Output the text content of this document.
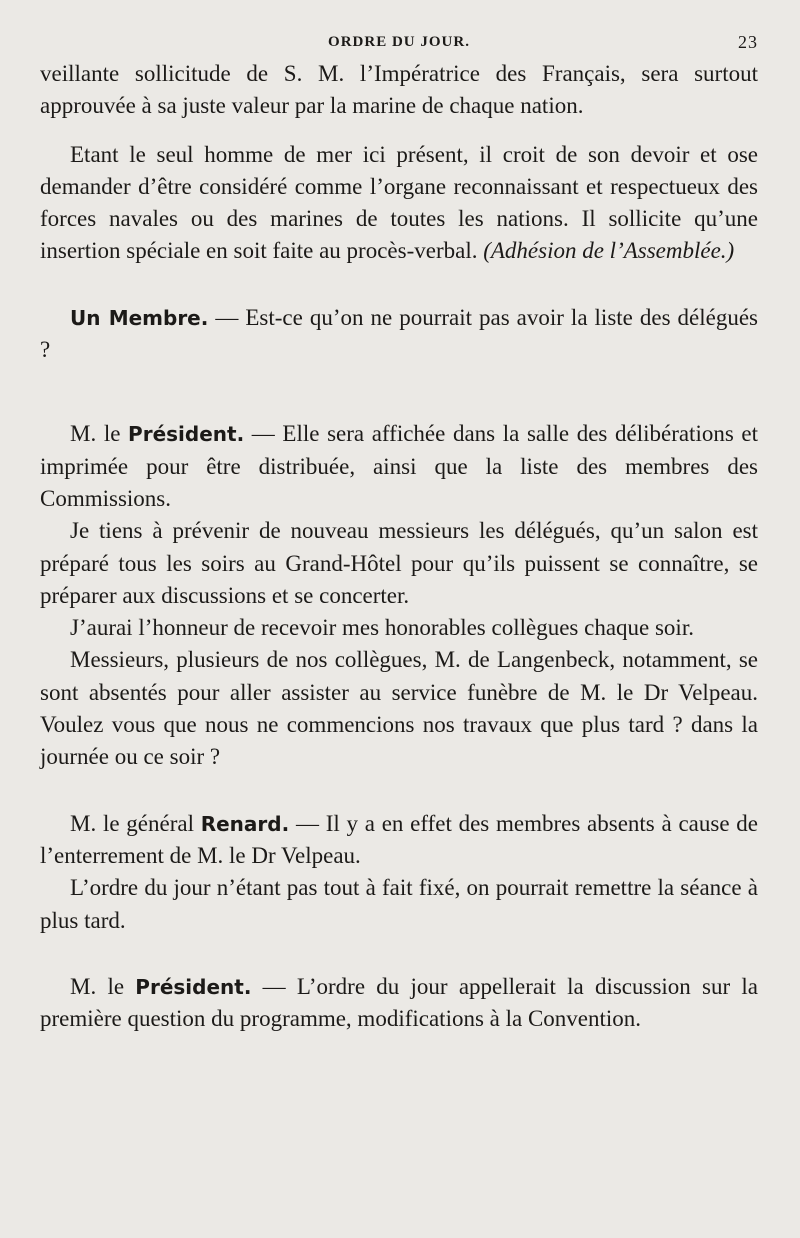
ORDRE DU JOUR.	23

veillante sollicitude de S. M. l’Impératrice des Français, sera surtout approuvée à sa juste valeur par la marine de chaque nation.

Etant le seul homme de mer ici présent, il croit de son devoir et ose demander d’être considéré comme l’organe reconnaissant et respectueux des forces navales ou des marines de toutes les nations. Il sollicite qu’une insertion spéciale en soit faite au procès-verbal. (Adhésion de l’Assemblée.)

Un Membre. — Est-ce qu’on ne pourrait pas avoir la liste des délégués ?

M. le Président. — Elle sera affichée dans la salle des délibérations et imprimée pour être distribuée, ainsi que la liste des membres des Commissions.

Je tiens à prévenir de nouveau messieurs les délégués, qu’un salon est préparé tous les soirs au Grand-Hôtel pour qu’ils puissent se connaître, se préparer aux discussions et se concerter.

J’aurai l’honneur de recevoir mes honorables collègues chaque soir.

Messieurs, plusieurs de nos collègues, M. de Langenbeck, notamment, se sont absentés pour aller assister au service funèbre de M. le Dr Velpeau. Voulez vous que nous ne commencions nos travaux que plus tard ? dans la journée ou ce soir ?

M. le général Renard. — Il y a en effet des membres absents à cause de l’enterrement de M. le Dr Velpeau.

L’ordre du jour n’étant pas tout à fait fixé, on pourrait remettre la séance à plus tard.

M. le Président. — L’ordre du jour appellerait la discussion sur la première question du programme, modifications à la Convention.
